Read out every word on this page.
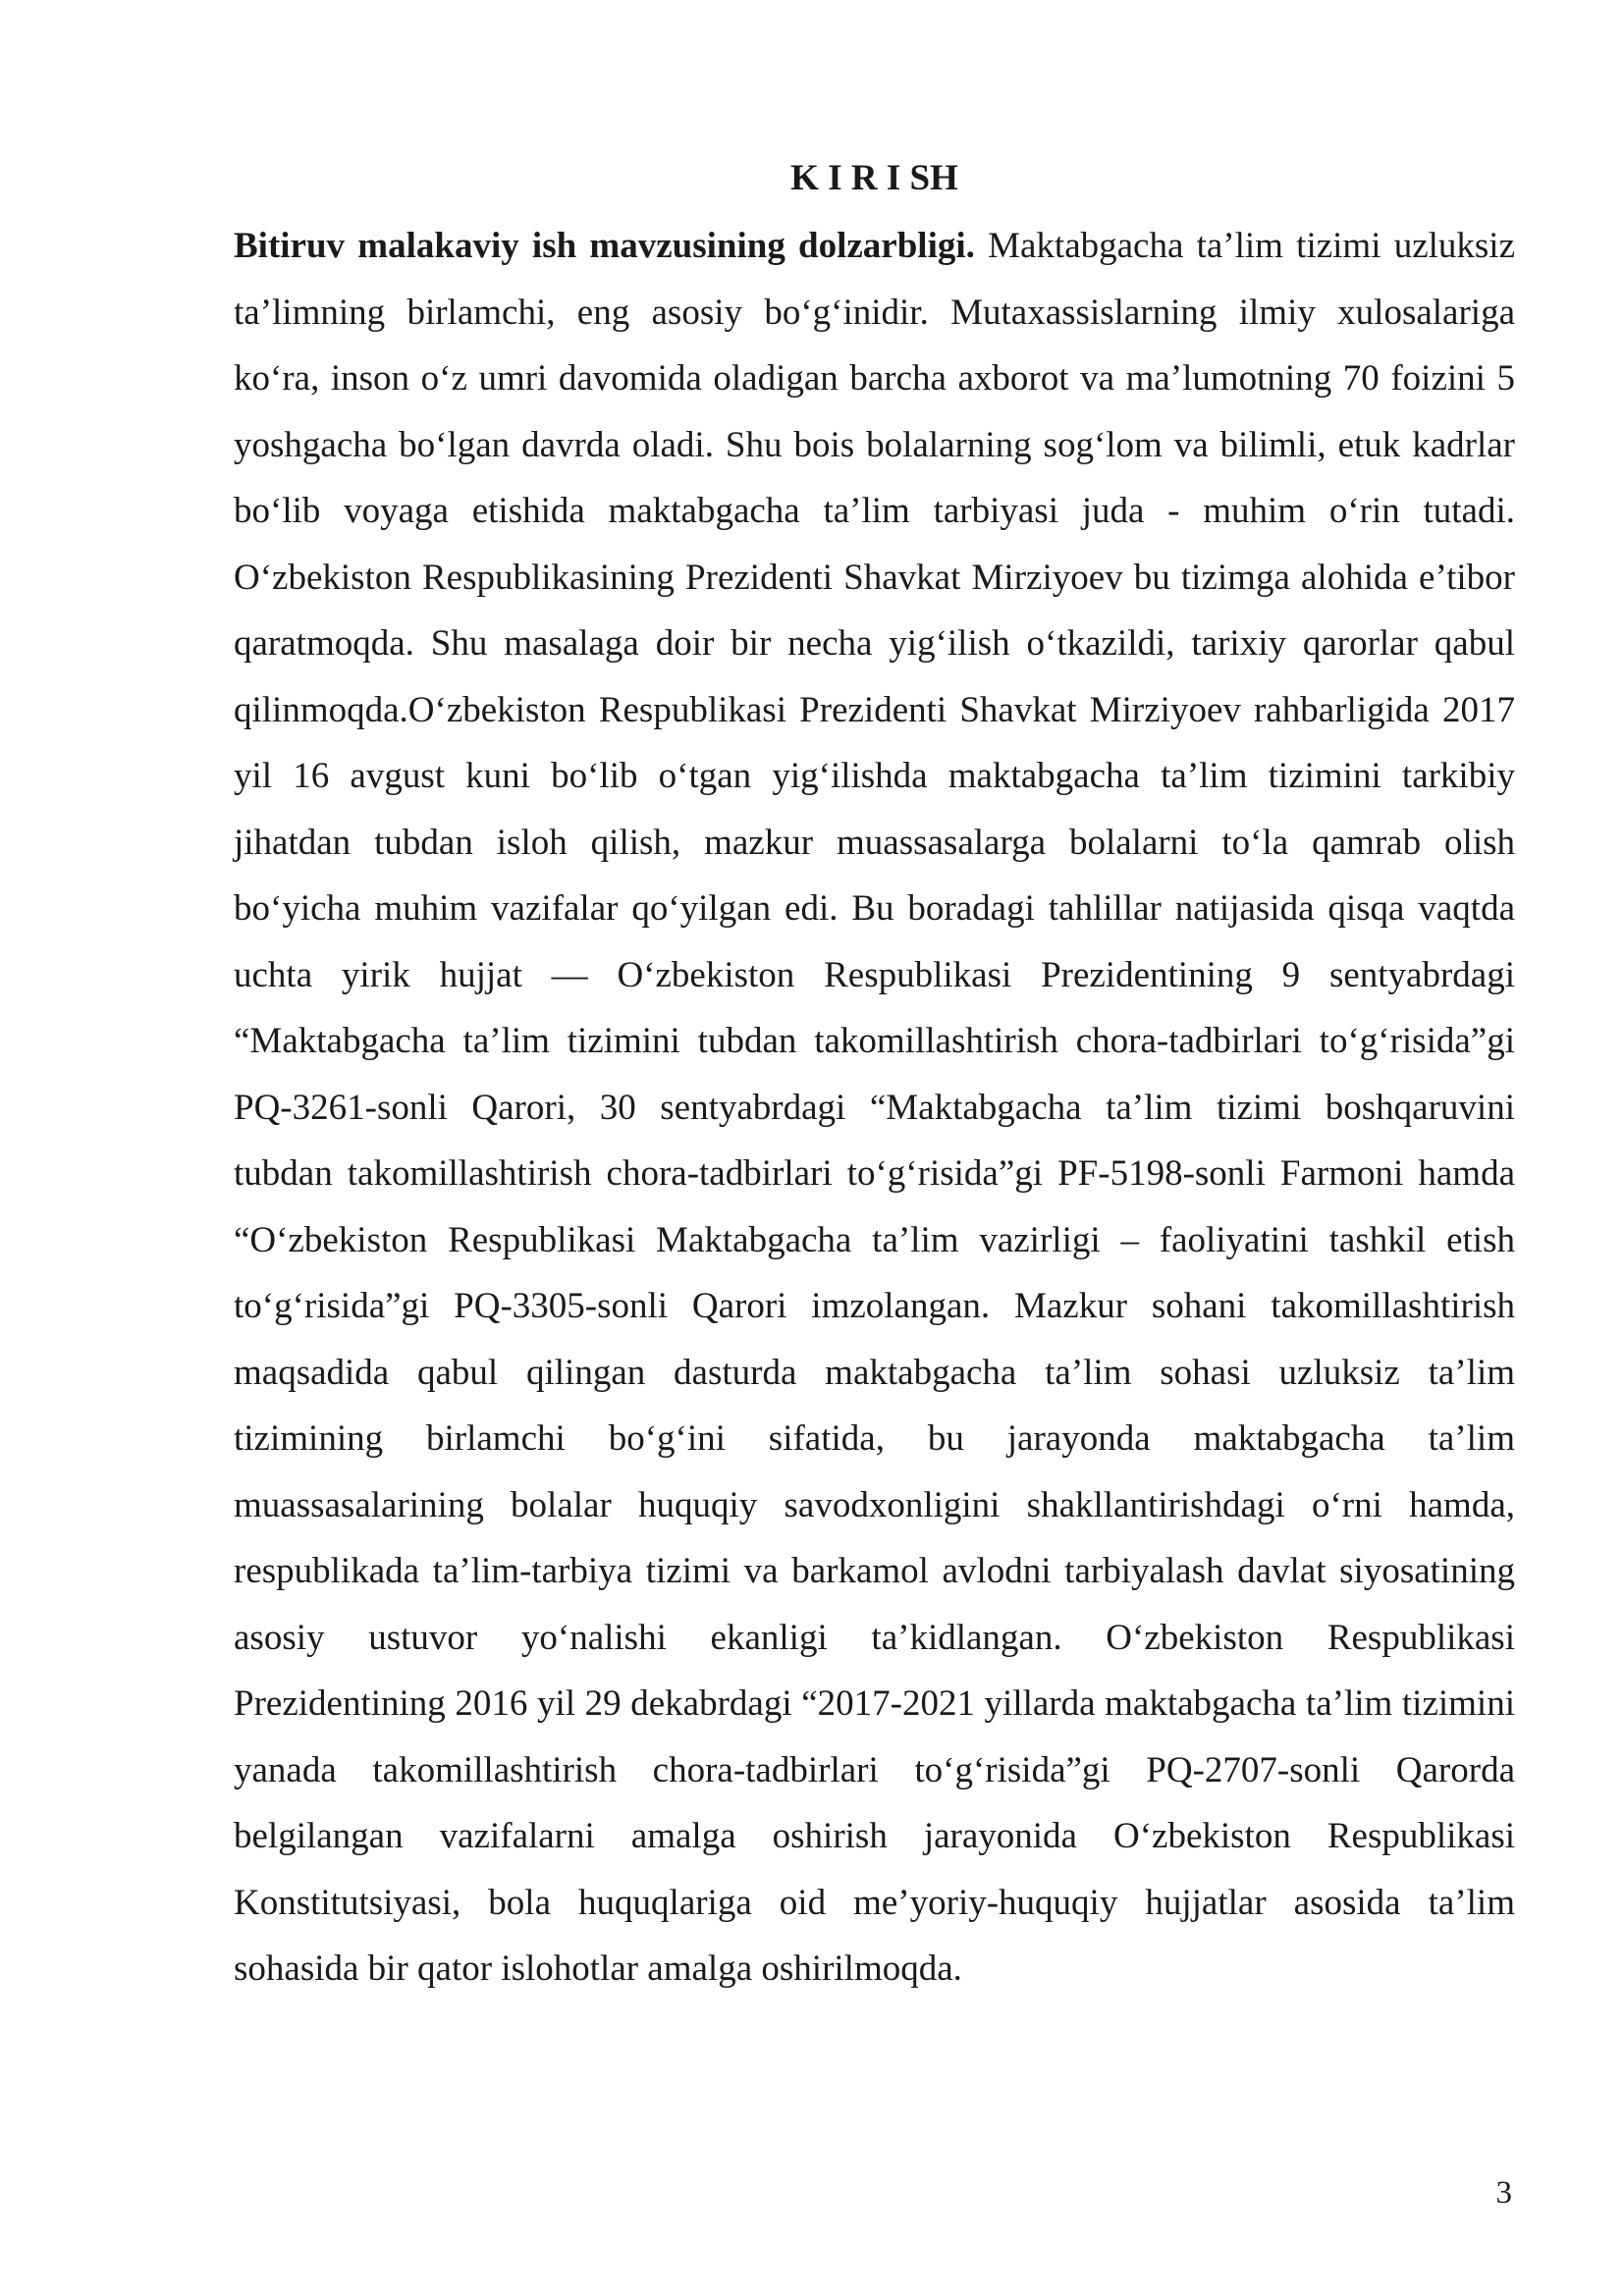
K I R I SH

Bitiruv malakaviy ish mavzusining dolzarbligi. Maktabgacha ta’lim tizimi uzluksiz ta’limning birlamchi, eng asosiy bo‘g‘inidir. Mutaxassislarning ilmiy xulosalariga ko‘ra, inson o‘z umri davomida oladigan barcha axborot va ma’lumotning 70 foizini 5 yoshgacha bo‘lgan davrda oladi. Shu bois bolalarning sog‘lom va bilimli, etuk kadrlar bo‘lib voyaga etishida maktabgacha ta’lim tarbiyasi juda - muhim o‘rin tutadi. O‘zbekiston Respublikasining Prezidenti Shavkat Mirziyoev bu tizimga alohida e’tibor qaratmoqda. Shu masalaga doir bir necha yig‘ilish o‘tkazildi, tarixiy qarorlar qabul qilinmoqda.O‘zbekiston Respublikasi Prezidenti Shavkat Mirziyoev rahbarligida 2017 yil 16 avgust kuni bo‘lib o‘tgan yig‘ilishda maktabgacha ta’lim tizimini tarkibiy jihatdan tubdan isloh qilish, mazkur muassasalarga bolalarni to‘la qamrab olish bo‘yicha muhim vazifalar qo‘yilgan edi. Bu boradagi tahlillar natijasida qisqa vaqtda uchta yirik hujjat — O‘zbekiston Respublikasi Prezidentining 9 sentyabrdagi “Maktabgacha ta’lim tizimini tubdan takomillashtirish chora-tadbirlari to‘g‘risida”gi PQ-3261-sonli Qarori, 30 sentyabrdagi “Maktabgacha ta’lim tizimi boshqaruvini tubdan takomillashtirish chora-tadbirlari to‘g‘risida”gi PF-5198-sonli Farmoni hamda “O‘zbekiston Respublikasi Maktabgacha ta’lim vazirligi – faoliyatini tashkil etish to‘g‘risida”gi PQ-3305-sonli Qarori imzolangan. Mazkur sohani takomillashtirish maqsadida qabul qilingan dasturda maktabgacha ta’lim sohasi uzluksiz ta’lim tizimining birlamchi bo‘g‘ini sifatida, bu jarayonda maktabgacha ta’lim muassasalarining bolalar huquqiy savodxonligini shakllantirishdagi o‘rni hamda, respublikada ta’lim-tarbiya tizimi va barkamol avlodni tarbiyalash davlat siyosatining asosiy ustuvor yo‘nalishi ekanligi ta’kidlangan. O‘zbekiston Respublikasi Prezidentining 2016 yil 29 dekabrdagi “2017-2021 yillarda maktabgacha ta’lim tizimini yanada takomillashtirish chora-tadbirlari to‘g‘risida”gi PQ-2707-sonli Qarorda belgilangan vazifalarni amalga oshirish jarayonida O‘zbekiston Respublikasi Konstitutsiyasi, bola huquqlariga oid me’yoriy-huquqiy hujjatlar asosida ta’lim sohasida bir qator islohotlar amalga oshirilmoqda.

3
